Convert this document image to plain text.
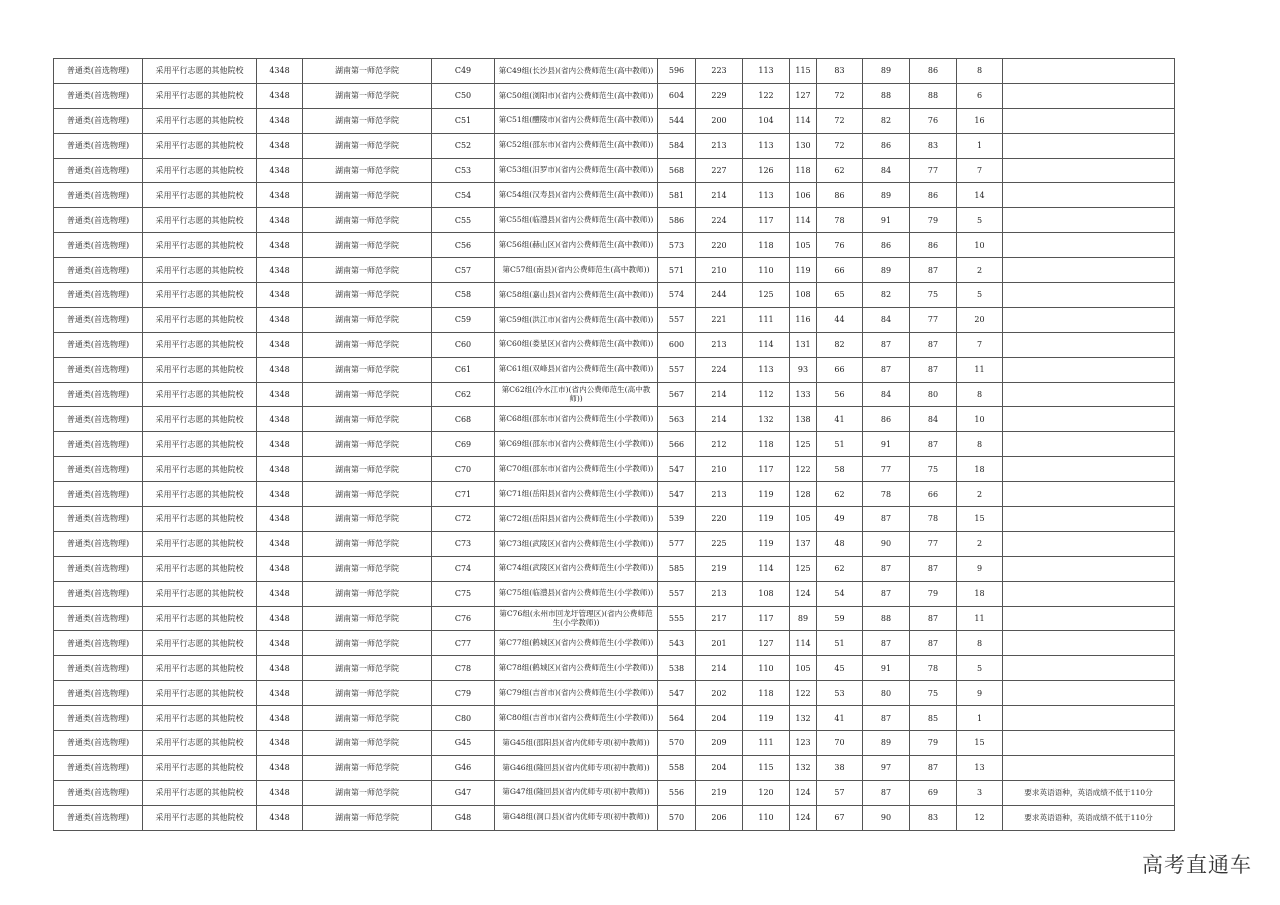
普通类(首选物理)	采用平行志愿的其他院校	4348	湖南第一师范学院	C49	第C49组(长沙县)(省内公费师范生(高中教师))	596	223	113	115	83	89	86	8	
普通类(首选物理)	采用平行志愿的其他院校	4348	湖南第一师范学院	C50	第C50组(浏阳市)(省内公费师范生(高中教师))	604	229	122	127	72	88	88	6	
普通类(首选物理)	采用平行志愿的其他院校	4348	湖南第一师范学院	C51	第C51组(醴陵市)(省内公费师范生(高中教师))	544	200	104	114	72	82	76	16	
普通类(首选物理)	采用平行志愿的其他院校	4348	湖南第一师范学院	C52	第C52组(邵东市)(省内公费师范生(高中教师))	584	213	113	130	72	86	83	1	
普通类(首选物理)	采用平行志愿的其他院校	4348	湖南第一师范学院	C53	第C53组(汨罗市)(省内公费师范生(高中教师))	568	227	126	118	62	84	77	7	
普通类(首选物理)	采用平行志愿的其他院校	4348	湖南第一师范学院	C54	第C54组(汉寿县)(省内公费师范生(高中教师))	581	214	113	106	86	89	86	14	
普通类(首选物理)	采用平行志愿的其他院校	4348	湖南第一师范学院	C55	第C55组(临澧县)(省内公费师范生(高中教师))	586	224	117	114	78	91	79	5	
普通类(首选物理)	采用平行志愿的其他院校	4348	湖南第一师范学院	C56	第C56组(赫山区)(省内公费师范生(高中教师))	573	220	118	105	76	86	86	10	
普通类(首选物理)	采用平行志愿的其他院校	4348	湖南第一师范学院	C57	第C57组(南县)(省内公费师范生(高中教师))	571	210	110	119	66	89	87	2	
普通类(首选物理)	采用平行志愿的其他院校	4348	湖南第一师范学院	C58	第C58组(嘉山县)(省内公费师范生(高中教师))	574	244	125	108	65	82	75	5	
普通类(首选物理)	采用平行志愿的其他院校	4348	湖南第一师范学院	C59	第C59组(洪江市)(省内公费师范生(高中教师))	557	221	111	116	44	84	77	20	
普通类(首选物理)	采用平行志愿的其他院校	4348	湖南第一师范学院	C60	第C60组(娄星区)(省内公费师范生(高中教师))	600	213	114	131	82	87	87	7	
普通类(首选物理)	采用平行志愿的其他院校	4348	湖南第一师范学院	C61	第C61组(双峰县)(省内公费师范生(高中教师))	557	224	113	93	66	87	87	11	
普通类(首选物理)	采用平行志愿的其他院校	4348	湖南第一师范学院	C62	第C62组(冷水江市)(省内公费师范生(高中教师))	567	214	112	133	56	84	80	8	
普通类(首选物理)	采用平行志愿的其他院校	4348	湖南第一师范学院	C68	第C68组(邵东市)(省内公费师范生(小学教师))	563	214	132	138	41	86	84	10	
普通类(首选物理)	采用平行志愿的其他院校	4348	湖南第一师范学院	C69	第C69组(邵东市)(省内公费师范生(小学教师))	566	212	118	125	51	91	87	8	
普通类(首选物理)	采用平行志愿的其他院校	4348	湖南第一师范学院	C70	第C70组(邵东市)(省内公费师范生(小学教师))	547	210	117	122	58	77	75	18	
普通类(首选物理)	采用平行志愿的其他院校	4348	湖南第一师范学院	C71	第C71组(岳阳县)(省内公费师范生(小学教师))	547	213	119	128	62	78	66	2	
普通类(首选物理)	采用平行志愿的其他院校	4348	湖南第一师范学院	C72	第C72组(岳阳县)(省内公费师范生(小学教师))	539	220	119	105	49	87	78	15	
普通类(首选物理)	采用平行志愿的其他院校	4348	湖南第一师范学院	C73	第C73组(武陵区)(省内公费师范生(小学教师))	577	225	119	137	48	90	77	2	
普通类(首选物理)	采用平行志愿的其他院校	4348	湖南第一师范学院	C74	第C74组(武陵区)(省内公费师范生(小学教师))	585	219	114	125	62	87	87	9	
普通类(首选物理)	采用平行志愿的其他院校	4348	湖南第一师范学院	C75	第C75组(临澧县)(省内公费师范生(小学教师))	557	213	108	124	54	87	79	18	
普通类(首选物理)	采用平行志愿的其他院校	4348	湖南第一师范学院	C76	第C76组(永州市回龙圩管理区)(省内公费师范生(小学教师))	555	217	117	89	59	88	87	11	
普通类(首选物理)	采用平行志愿的其他院校	4348	湖南第一师范学院	C77	第C77组(鹤城区)(省内公费师范生(小学教师))	543	201	127	114	51	87	87	8	
普通类(首选物理)	采用平行志愿的其他院校	4348	湖南第一师范学院	C78	第C78组(鹤城区)(省内公费师范生(小学教师))	538	214	110	105	45	91	78	5	
普通类(首选物理)	采用平行志愿的其他院校	4348	湖南第一师范学院	C79	第C79组(吉首市)(省内公费师范生(小学教师))	547	202	118	122	53	80	75	9	
普通类(首选物理)	采用平行志愿的其他院校	4348	湖南第一师范学院	C80	第C80组(吉首市)(省内公费师范生(小学教师))	564	204	119	132	41	87	85	1	
普通类(首选物理)	采用平行志愿的其他院校	4348	湖南第一师范学院	G45	第G45组(邵阳县)(省内优师专项(初中教师))	570	209	111	123	70	89	79	15	
普通类(首选物理)	采用平行志愿的其他院校	4348	湖南第一师范学院	G46	第G46组(隆回县)(省内优师专项(初中教师))	558	204	115	132	38	97	87	13	
普通类(首选物理)	采用平行志愿的其他院校	4348	湖南第一师范学院	G47	第G47组(隆回县)(省内优师专项(初中教师))	556	219	120	124	57	87	69	3	要求英语语种，英语成绩不低于110分
普通类(首选物理)	采用平行志愿的其他院校	4348	湖南第一师范学院	G48	第G48组(洞口县)(省内优师专项(初中教师))	570	206	110	124	67	90	83	12	要求英语语种，英语成绩不低于110分
高考直通车
